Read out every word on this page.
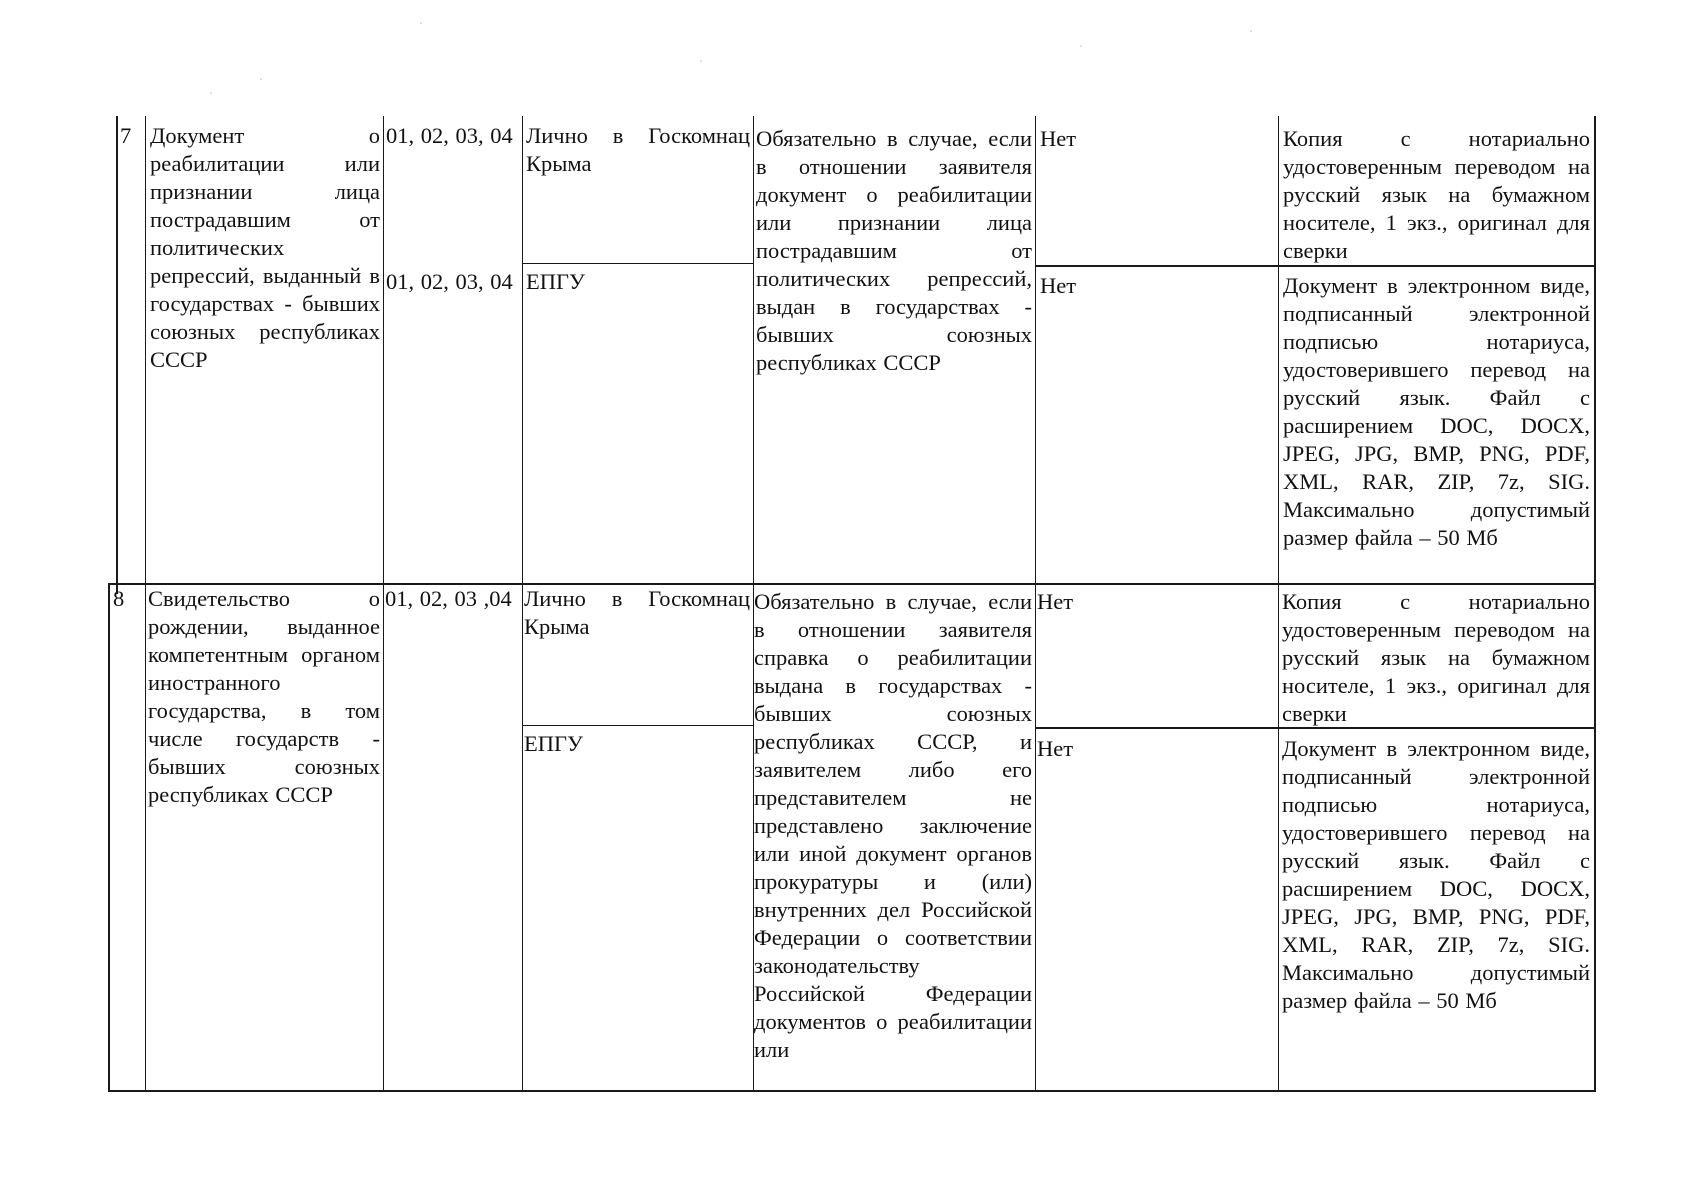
7 Документ о реабилитации или признании лица пострадавшим от политических репрессий, выданный в государствах - бывших союзных республиках СССР
01, 02, 03, 04
01, 02, 03, 04
Лично в Госкомнац Крыма
ЕПГУ
Обязательно в случае, если в отношении заявителя документ о реабилитации или признании лица пострадавшим от политических репрессий, выдан в государствах - бывших союзных республиках СССР
Нет
Нет
Копия с нотариально удостоверенным переводом на русский язык на бумажном носителе, 1 экз., оригинал для сверки
Документ в электронном виде, подписанный электронной подписью нотариуса, удостоверившего перевод на русский язык. Файл с расширением DOC, DOCX, JPEG, JPG, BMP, PNG, PDF, XML, RAR, ZIP, 7z, SIG. Максимально допустимый размер файла – 50 Мб
8	Свидетельство о рождении, выданное компетентным органом иностранного государства, в том числе государств - бывших союзных республиках СССР
01, 02, 03 ,04 Лично в Госкомнац Крыма
ЕПГУ
Обязательно в случае, если в отношении заявителя справка о реабилитации выдана в государствах - бывших союзных республиках СССР, и заявителем либо его представителем не представлено заключение или иной документ органов прокуратуры и (или) внутренних дел Российской Федерации о соответствии законодательству Российской Федерации документов о реабилитации или
Нет
Нет
Копия с нотариально удостоверенным переводом на русский язык на бумажном носителе, 1 экз., оригинал для сверки
Документ в электронном виде, подписанный электронной подписью нотариуса, удостоверившего перевод на русский язык. Файл с расширением DOC, DOCX, JPEG, JPG, BMP, PNG, PDF, XML, RAR, ZIP, 7z, SIG. Максимально допустимый размер файла – 50 Мб
